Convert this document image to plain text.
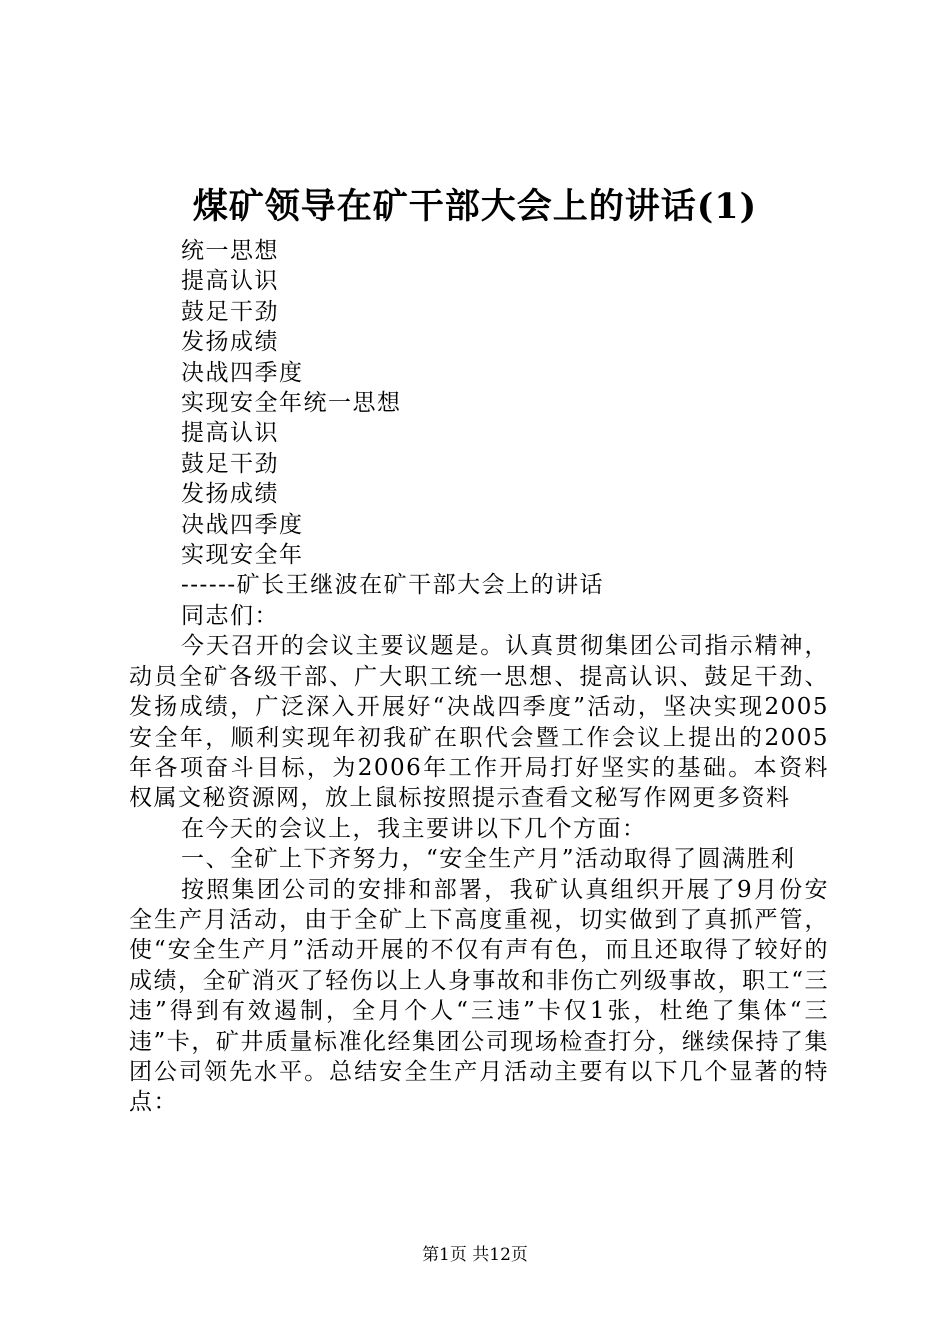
煤矿领导在矿干部大会上的讲话(1)
统一思想
提高认识
鼓足干劲
发扬成绩
决战四季度
实现安全年统一思想
提高认识
鼓足干劲
发扬成绩
决战四季度
实现安全年
------矿长王继波在矿干部大会上的讲话
同志们：

今天召开的会议主要议题是。认真贯彻集团公司指示精神，动员全矿各级干部、广大职工统一思想、提高认识、鼓足干劲、发扬成绩，广泛深入开展好“决战四季度”活动，坚决实现2005安全年，顺利实现年初我矿在职代会暨工作会议上提出的2005年各项奋斗目标，为2006年工作开局打好坚实的基础。本资料权属文秘资源网，放上鼠标按照提示查看文秘写作网更多资料

在今天的会议上，我主要讲以下几个方面：

一、全矿上下齐努力，“安全生产月”活动取得了圆满胜利

按照集团公司的安排和部署，我矿认真组织开展了9月份安全生产月活动，由于全矿上下高度重视，切实做到了真抓严管，使“安全生产月”活动开展的不仅有声有色，而且还取得了较好的成绩，全矿消灭了轻伤以上人身事故和非伤亡列级事故，职工“三违”得到有效遏制，全月个人“三违”卡仅1张，杜绝了集体“三违”卡，矿井质量标准化经集团公司现场检查打分，继续保持了集团公司领先水平。总结安全生产月活动主要有以下几个显著的特点：

第1页 共12页
